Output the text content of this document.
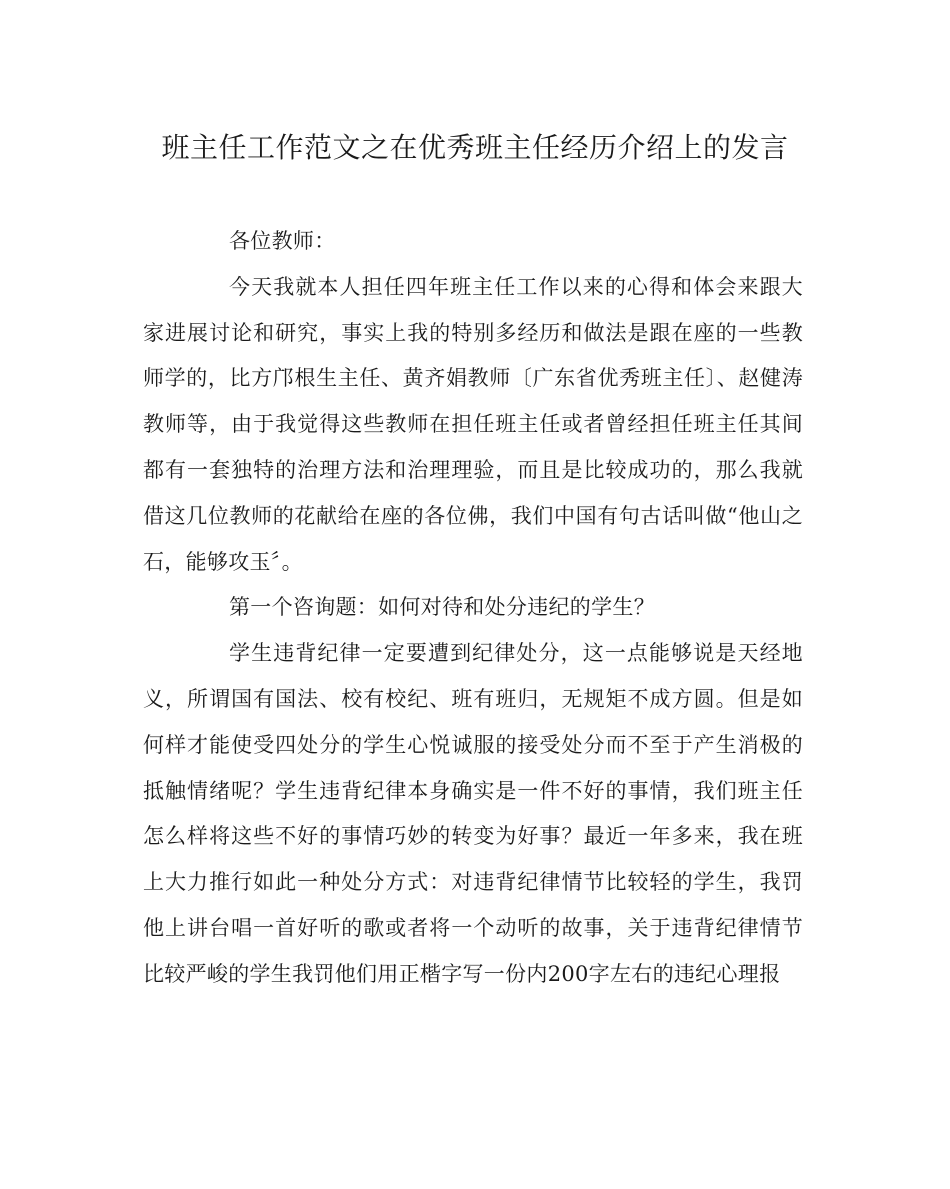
班主任工作范文之在优秀班主任经历介绍上的发言

各位教师：

今天我就本人担任四年班主任工作以来的心得和体会来跟大家进展讨论和研究，事实上我的特别多经历和做法是跟在座的一些教师学的，比方邝根生主任、黄齐娟教师〔广东省优秀班主任〕、赵健涛教师等，由于我觉得这些教师在担任班主任或者曾经担任班主任其间都有一套独特的治理方法和治理理验，而且是比较成功的，那么我就借这几位教师的花献给在座的各位佛，我们中国有句古话叫做“他山之石，能够攻玉〞。

第一个咨询题：如何对待和处分违纪的学生？

学生违背纪律一定要遭到纪律处分，这一点能够说是天经地义，所谓国有国法、校有校纪、班有班归，无规矩不成方圆。但是如何样才能使受四处分的学生心悦诚服的接受处分而不至于产生消极的抵触情绪呢？学生违背纪律本身确实是一件不好的事情，我们班主任怎么样将这些不好的事情巧妙的转变为好事？最近一年多来，我在班上大力推行如此一种处分方式：对违背纪律情节比较轻的学生，我罚他上讲台唱一首好听的歌或者将一个动听的故事，关于违背纪律情节比较严峻的学生我罚他们用正楷字写一份内200字左右的违纪心理报
